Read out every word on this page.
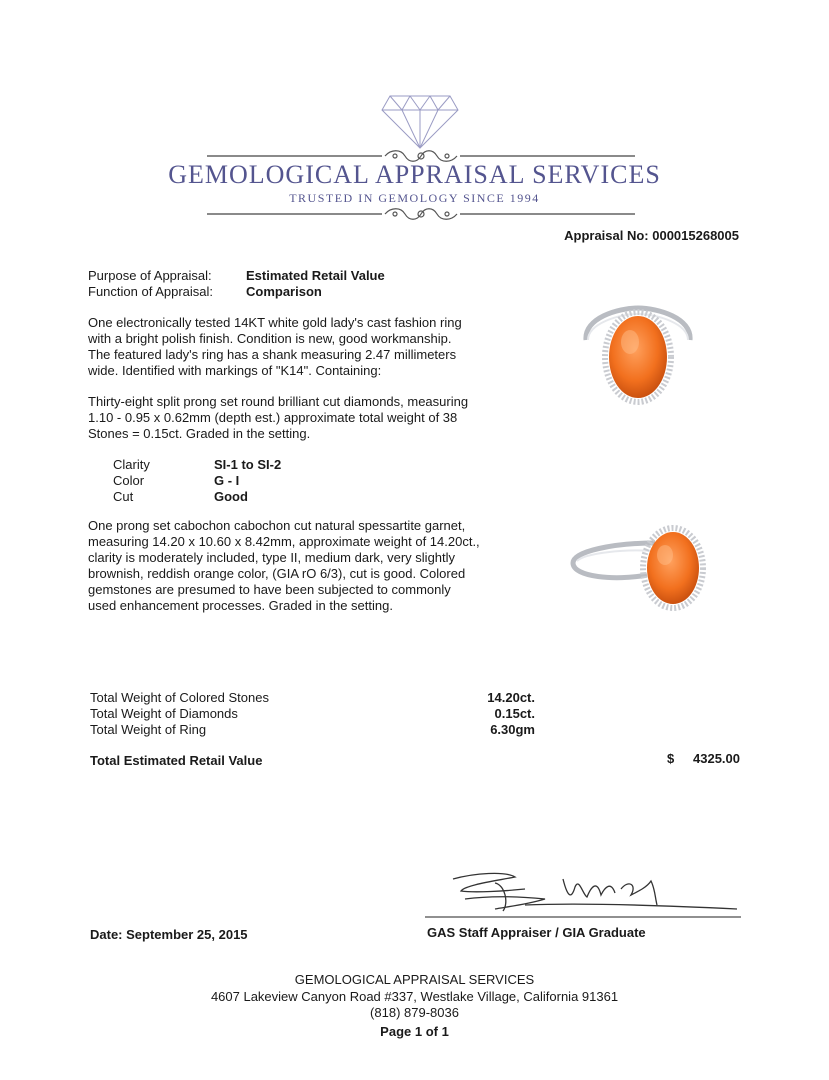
GEMOLOGICAL APPRAISAL SERVICES
TRUSTED IN GEMOLOGY SINCE 1994
Appraisal No: 000015268005
Purpose of Appraisal:	Estimated Retail Value
Function of Appraisal:	Comparison
One electronically tested 14KT white gold lady's cast fashion ring
with a bright polish finish. Condition is new, good workmanship.
The featured lady's ring has a shank measuring 2.47 millimeters
wide. Identified with markings of "K14". Containing:
Thirty-eight split prong set round brilliant cut diamonds, measuring
1.10 - 0.95 x 0.62mm (depth est.) approximate total weight of 38
Stones = 0.15ct. Graded in the setting.
Clarity	SI-1 to SI-2
Color	G - I
Cut	Good
One prong set cabochon cabochon cut natural spessartite garnet,
measuring 14.20 x 10.60 x 8.42mm, approximate weight of 14.20ct.,
clarity is moderately included, type II, medium dark, very slightly
brownish, reddish orange color, (GIA rO 6/3), cut is good. Colored
gemstones are presumed to have been subjected to commonly
used enhancement processes. Graded in the setting.
Total Weight of Colored Stones	14.20ct.
Total Weight of Diamonds	0.15ct.
Total Weight of Ring	6.30gm
Total Estimated Retail Value	$	4325.00
Date: September 25, 2015	GAS Staff Appraiser / GIA Graduate
GEMOLOGICAL APPRAISAL SERVICES
4607 Lakeview Canyon Road #337, Westlake Village, California 91361
(818) 879-8036
Page 1 of 1
